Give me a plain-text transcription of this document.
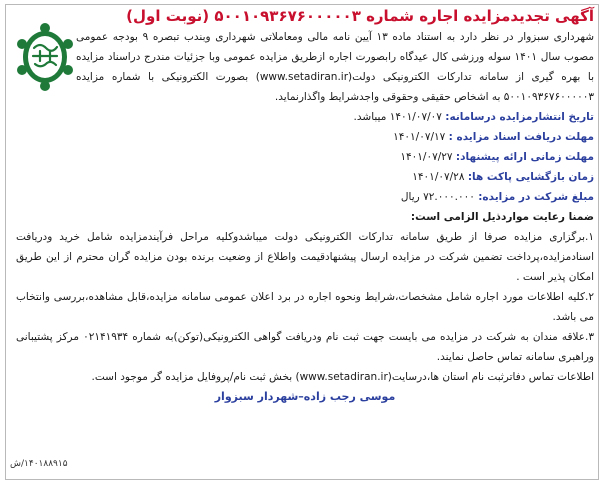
آگهی تجدیدمزایده اجاره شماره ۵۰۰۱۰۹۳۶۷۶۰۰۰۰۰۳ (نوبت اول)
شهرداری سبزوار در نظر دارد به استناد ماده ۱۳ آیین نامه مالی ومعاملاتی شهرداری وبندب تبصره ۹ بودجه عمومی مصوب سال ۱۴۰۱ سوله ورزشی کال عیدگاه رابصورت اجاره ازطریق مزایده عمومی وبا جزئیات مندرج دراسناد مزایده با بهره گیری از سامانه تدارکات الکترونیکی دولت(www.setadiran.ir) بصورت الکترونیکی با شماره مزایده ۵۰۰۱۰۹۳۶۷۶۰۰۰۰۰۳ به اشخاص حقیقی وحقوقی واجدشرایط واگذارنماید.
تاریخ انتشارمزایده درسامانه: ۱۴۰۱/۰۷/۰۷ میباشد.
مهلت دریافت اسناد مزایده : ۱۴۰۱/۰۷/۱۷
مهلت زمانی ارائه پیشنهاد: ۱۴۰۱/۰۷/۲۷
زمان بازگشایی پاکت ها: ۱۴۰۱/۰۷/۲۸
مبلغ شرکت در مزایده: ۷۲.۰۰۰.۰۰۰ ریال
ضمنا رعایت مواردذیل الزامی است:

۱.برگزاری مزایده صرفا از طریق سامانه تدارکات الکترونیکی دولت میباشدوکلیه مراحل فرآیندمزایده شامل خرید ودریافت اسنادمزایده،پرداخت تضمین شرکت در مزایده ارسال پیشنهادقیمت واطلاع از وضعیت برنده بودن مزایده گران محترم از این طریق امکان پذیر است .

۲.کلیه اطلاعات مورد اجاره شامل مشخصات،شرایط ونحوه اجاره در برد اعلان عمومی سامانه مزایده،قابل مشاهده،بررسی وانتخاب می باشد.

۳.علاقه مندان به شرکت در مزایده می بایست جهت ثبت نام ودریافت گواهی الکترونیکی(توکن)به شماره ۰۲۱۴۱۹۳۴ مرکز پشتیبانی وراهبری سامانه تماس حاصل نمایند.

اطلاعات تماس دفاترثبت نام استان ها،درسایت(www.setadiran.ir) بخش ثبت نام/پروفایل مزایده گر موجود است.
موسی رجب زاده–شهردار سبزوار
۱۴۰۱۸۸۹۱۵/ش
